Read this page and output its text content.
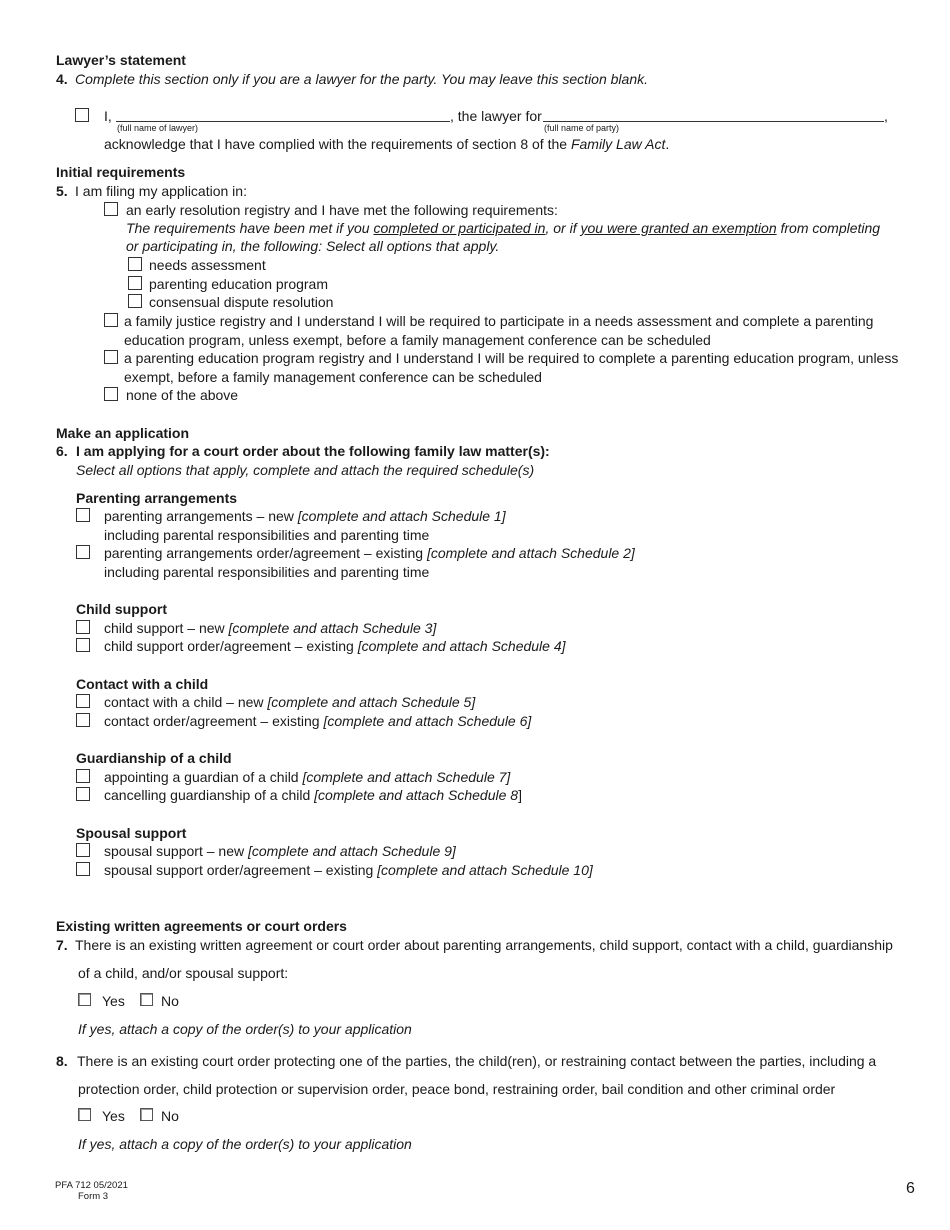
Lawyer’s statement
4. Complete this section only if you are a lawyer for the party. You may leave this section blank.
I,
(full name of lawyer)
, the lawyer for
(full name of party)
,
acknowledge that I have complied with the requirements of section 8 of the Family Law Act.
Initial requirements
5. I am filing my application in:
an early resolution registry and I have met the following requirements:
The requirements have been met if you completed or participated in, or if you were granted an exemption from completing
or participating in, the following: Select all options that apply.
needs assessment
parenting education program
consensual dispute resolution
a family justice registry and I understand I will be required to participate in a needs assessment and complete a parenting
education program, unless exempt, before a family management conference can be scheduled
a parenting education program registry and I understand I will be required to complete a parenting education program, unless
exempt, before a family management conference can be scheduled
none of the above
Make an application
6. I am applying for a court order about the following family law matter(s):
Select all options that apply, complete and attach the required schedule(s)
Parenting arrangements
parenting arrangements – new [complete and attach Schedule 1]
including parental responsibilities and parenting time
parenting arrangements order/agreement – existing [complete and attach Schedule 2]
including parental responsibilities and parenting time
Child support
child support – new [complete and attach Schedule 3]
child support order/agreement – existing [complete and attach Schedule 4]
Contact with a child
contact with a child – new [complete and attach Schedule 5]
contact order/agreement – existing [complete and attach Schedule 6]
Guardianship of a child
appointing a guardian of a child [complete and attach Schedule 7]
cancelling guardianship of a child [complete and attach Schedule 8]
Spousal support
spousal support – new [complete and attach Schedule 9]
spousal support order/agreement – existing [complete and attach Schedule 10]
Existing written agreements or court orders
7. There is an existing written agreement or court order about parenting arrangements, child support, contact with a child, guardianship
of a child, and/or spousal support:
Yes	No
If yes, attach a copy of the order(s) to your application
8. There is an existing court order protecting one of the parties, the child(ren), or restraining contact between the parties, including a
protection order, child protection or supervision order, peace bond, restraining order, bail condition and other criminal order
Yes	No
If yes, attach a copy of the order(s) to your application
PFA 712 05/2021
Form 3	6
